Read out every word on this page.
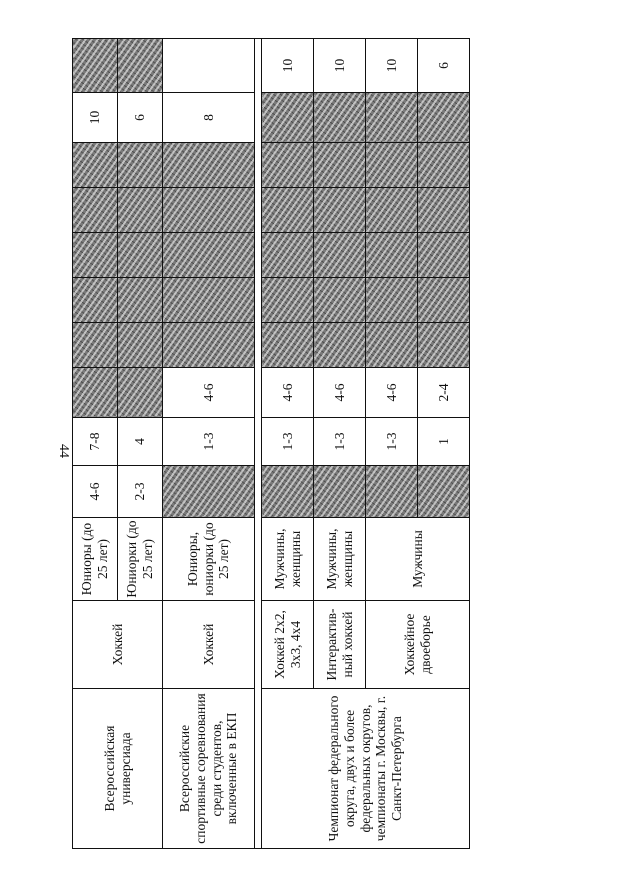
44
Всероссийская универсиада	Хоккей	Юниоры (до 25 лет)	4-6	7-8							10	
		Юниорки (до 25 лет)	2-3	4							6	
Всероссийские спортивные соревнования среди студентов, включенные в ЕКП	Хоккей	Юниоры, юниорки (до 25 лет)		1-3	4-6						8	

Чемпионат федерального округа, двух и более федеральных округов, чемпионаты г. Москвы, г. Санкт-Петербурга	Хоккей 2х2, 3х3, 4х4	Мужчины, женщины		1-3	4-6							10
	Интерактив-ный хоккей	Мужчины, женщины		1-3	4-6							10
	Хоккейное двоеборье	Мужчины		1-3	4-6							10
				1	2-4							6
